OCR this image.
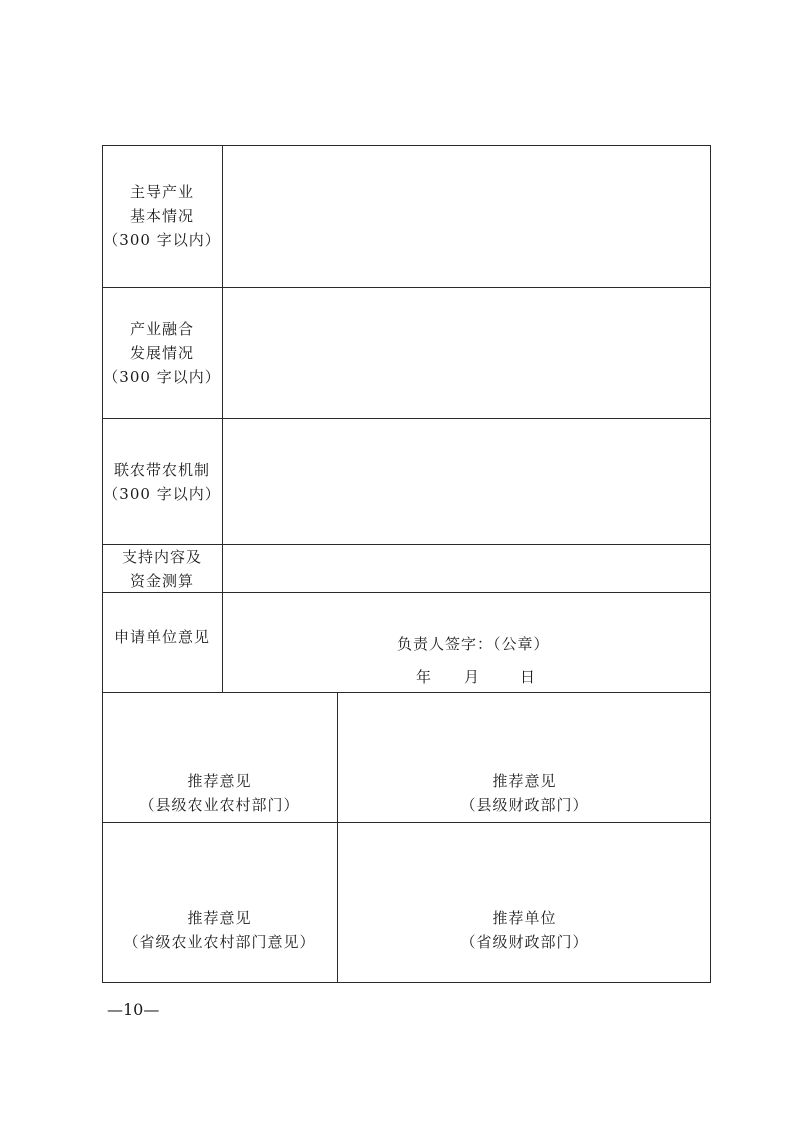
主导产业
基本情况
（300 字以内）
产业融合
发展情况
（300 字以内）
联农带农机制
（300 字以内）
支持内容及
资金测算
申请单位意见	负责人签字：（公章）
年 月	日
推荐意见
（县级农业农村部门）
推荐意见
（县级财政部门）
推荐意见
（省级农业农村部门意见）
推荐单位
（省级财政部门）
—10—
